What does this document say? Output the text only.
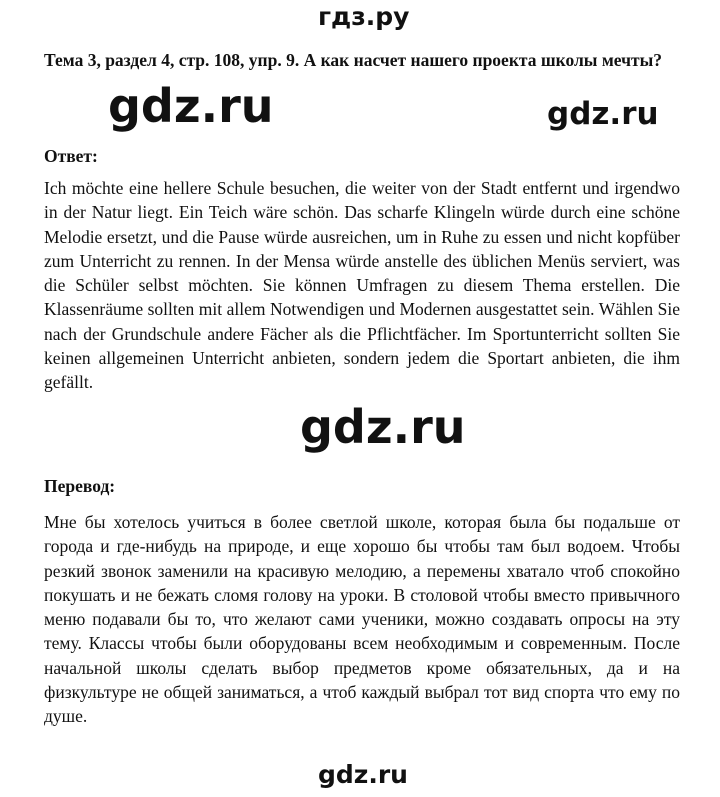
гдз.ру
Тема 3, раздел 4, стр. 108, упр. 9. А как насчет нашего проекта школы мечты?
gdz.ru	gdz.ru
Ответ:
Ich möchte eine hellere Schule besuchen, die weiter von der Stadt entfernt und irgendwo in der Natur liegt. Ein Teich wäre schön. Das scharfe Klingeln würde durch eine schöne Melodie ersetzt, und die Pause würde ausreichen, um in Ruhe zu essen und nicht kopfüber zum Unterricht zu rennen. In der Mensa würde anstelle des üblichen Menüs serviert, was die Schüler selbst möchten. Sie können Umfragen zu diesem Thema erstellen. Die Klassenräume sollten mit allem Notwendigen und Modernen ausgestattet sein. Wählen Sie nach der Grundschule andere Fächer als die Pflichtfächer. Im Sportunterricht sollten Sie keinen allgemeinen Unterricht anbieten, sondern jedem die Sportart anbieten, die ihm gefällt.
gdz.ru
Перевод:
Мне бы хотелось учиться в более светлой школе, которая была бы подальше от города и где-нибудь на природе, и еще хорошо бы чтобы там был водоем. Чтобы резкий звонок заменили на красивую мелодию, а перемены хватало чтоб спокойно покушать и не бежать сломя голову на уроки. В столовой чтобы вместо привычного меню подавали бы то, что желают сами ученики, можно создавать опросы на эту тему. Классы чтобы были оборудованы всем необходимым и современным. После начальной школы сделать выбор предметов кроме обязательных, да и на физкультуре не общей заниматься, а чтоб каждый выбрал тот вид спорта что ему по душе.
gdz.ru
